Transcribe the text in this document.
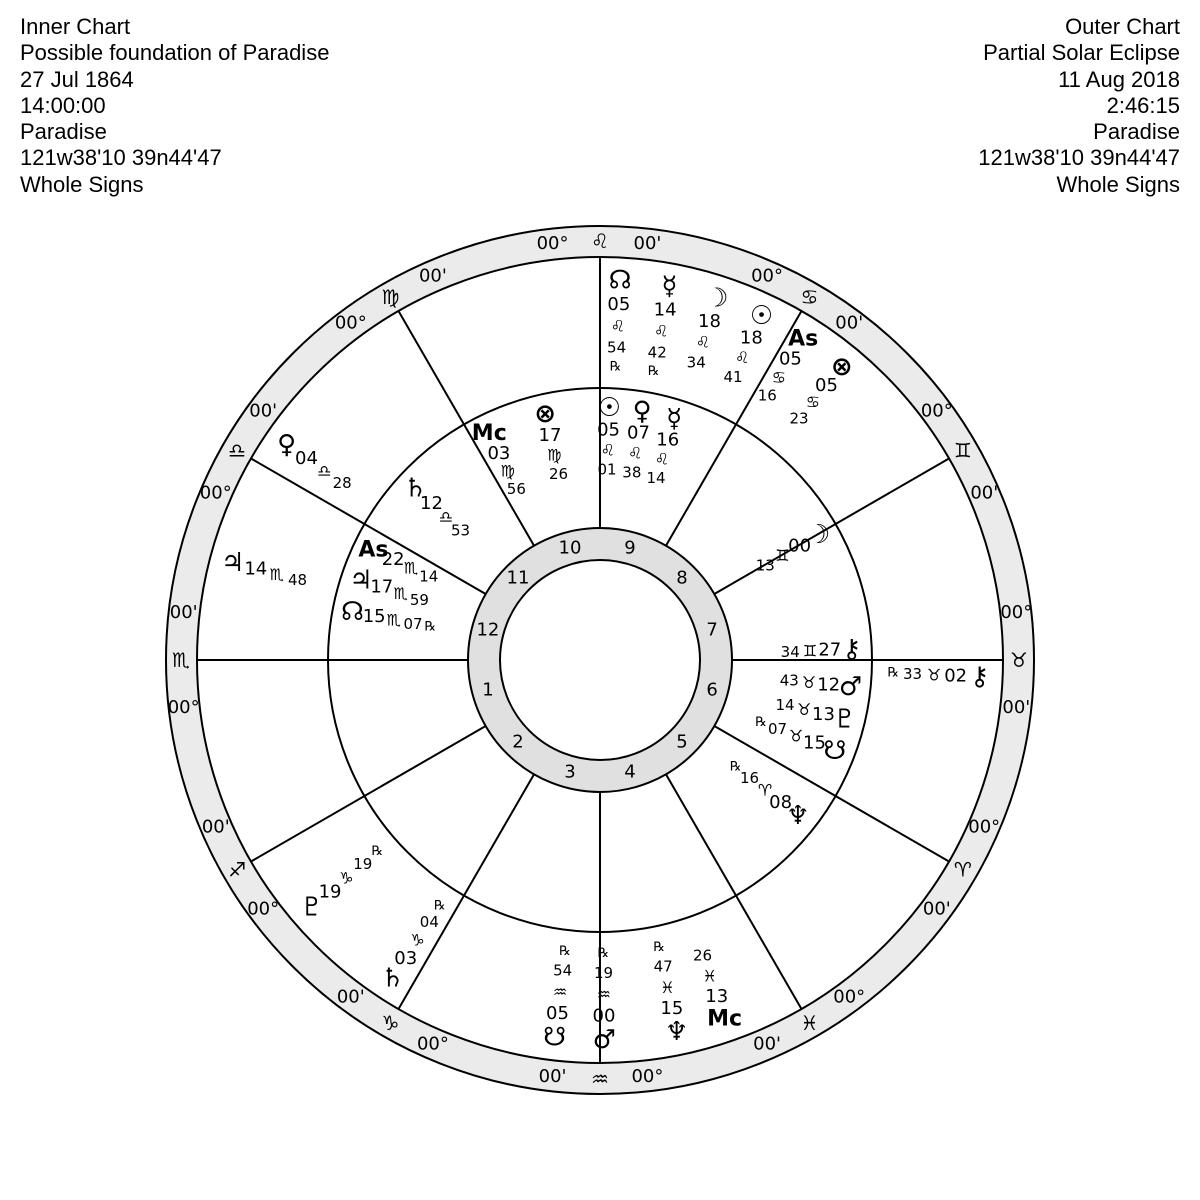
Inner Chart
Possible foundation of Paradise
27 Jul 1864
14:00:00
Paradise
121w38'10 39n44'47
Whole Signs
Outer Chart
Partial Solar Eclipse
11 Aug 2018
2:46:15
Paradise
121w38'10 39n44'47
Whole Signs
♌
00°	00'
♋
00°
00'
♊
00°
00'
♉
00°
00'
♈
00°
00'
♓
00°
00'
♒ 00°
00'
♑
00°
00'
♐
00°
00'
♏
00°
00'
♎
00°
00'
♍
00°
00'
1
2
3	4
5
6
7
8
9
10
11
12
♆
08
♈
16
℞
☋
15
♉
07
℞	♇
13
♉
14
♂
12
♉
43
⚷
27
♊
34
☽
00
♊
13
☿
16
♌
14
♀
07
♌
38
☉
05
♌
01
⊗
17
♍
26
Mc
03
♍
56
♄
12
♎
53
As
22 ♏ 14
♃
17 ♏ 59
☊
15 ♏ 07 ℞
♇
19
♑
19
℞
♄
03
♑
04
℞
☋
05
♒
54
℞
♂
00
♒
19
℞
♆
15
♓
47
℞
Mc
13
♓
26
⚷
02
♉
33
℞
⊗
05
♋
23
As
05
♋
16
☉
18
♌
41
☽
18
♌
34
☿
14
♌
42
℞
☊
05
♌
54
℞
♀
04
♎
28
♃ 14 ♏ 48
